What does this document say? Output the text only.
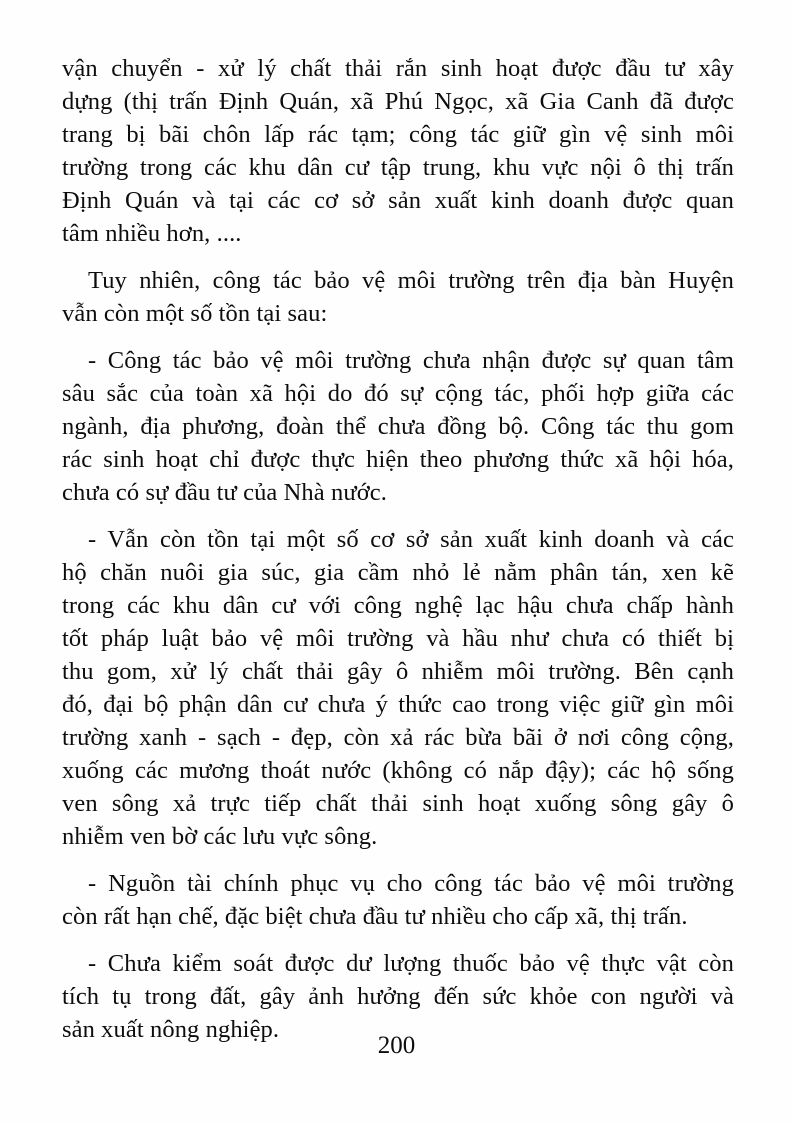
vận chuyển - xử lý chất thải rắn sinh hoạt được đầu tư xây
dựng (thị trấn Định Quán, xã Phú Ngọc, xã Gia Canh đã được
trang bị bãi chôn lấp rác tạm; công tác giữ gìn vệ sinh môi
trường trong các khu dân cư tập trung, khu vực nội ô thị trấn
Định Quán và tại các cơ sở sản xuất kinh doanh được quan
tâm nhiều hơn, ....
Tuy nhiên, công tác bảo vệ môi trường trên địa bàn Huyện
vẫn còn một số tồn tại sau:
- Công tác bảo vệ môi trường chưa nhận được sự quan tâm
sâu sắc của toàn xã hội do đó sự cộng tác, phối hợp giữa các
ngành, địa phương, đoàn thể chưa đồng bộ. Công tác thu gom
rác sinh hoạt chỉ được thực hiện theo phương thức xã hội hóa,
chưa có sự đầu tư của Nhà nước.
- Vẫn còn tồn tại một số cơ sở sản xuất kinh doanh và các
hộ chăn nuôi gia súc, gia cầm nhỏ lẻ nằm phân tán, xen kẽ
trong các khu dân cư với công nghệ lạc hậu chưa chấp hành
tốt pháp luật bảo vệ môi trường và hầu như chưa có thiết bị
thu gom, xử lý chất thải gây ô nhiễm môi trường. Bên cạnh
đó, đại bộ phận dân cư chưa ý thức cao trong việc giữ gìn môi
trường xanh - sạch - đẹp, còn xả rác bừa bãi ở nơi công cộng,
xuống các mương thoát nước (không có nắp đậy); các hộ sống
ven sông xả trực tiếp chất thải sinh hoạt xuống sông gây ô
nhiễm ven bờ các lưu vực sông.
- Nguồn tài chính phục vụ cho công tác bảo vệ môi trường
còn rất hạn chế, đặc biệt chưa đầu tư nhiều cho cấp xã, thị trấn.
- Chưa kiểm soát được dư lượng thuốc bảo vệ thực vật còn
tích tụ trong đất, gây ảnh hưởng đến sức khỏe con người và
sản xuất nông nghiệp.
200
